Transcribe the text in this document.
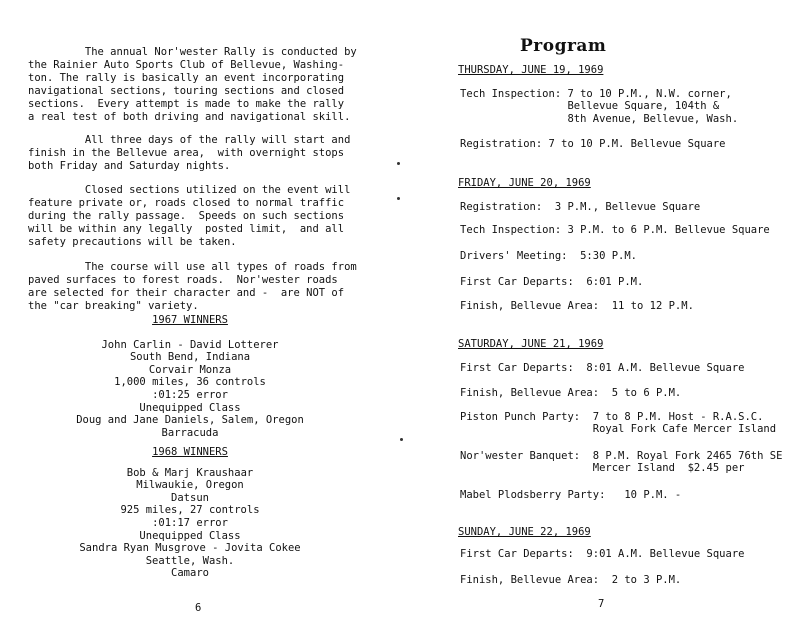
The annual Nor'wester Rally is conducted by
the Rainier Auto Sports Club of Bellevue, Washing-
ton. The rally is basically an event incorporating
navigational sections, touring sections and closed
sections.  Every attempt is made to make the rally
a real test of both driving and navigational skill.

All three days of the rally will start and
finish in the Bellevue area,  with overnight stops
both Friday and Saturday nights.

Closed sections utilized on the event will
feature private or, roads closed to normal traffic
during the rally passage.  Speeds on such sections
will be within any legally  posted limit,  and all
safety precautions will be taken.

The course will use all types of roads from
paved surfaces to forest roads.  Nor'wester roads
are selected for their character and -  are NOT of
the "car breaking" variety.

1967 WINNERS
John Carlin - David Lotterer
South Bend, Indiana
Corvair Monza
1,000 miles, 36 controls
:01:25 error
Unequipped Class
Doug and Jane Daniels, Salem, Oregon
Barracuda
1968 WINNERS
Bob & Marj Kraushaar
Milwaukie, Oregon
Datsun
925 miles, 27 controls
:01:17 error
Unequipped Class
Sandra Ryan Musgrove - Jovita Cokee
Seattle, Wash.
Camaro
6
Program
THURSDAY, JUNE 19, 1969

Tech Inspection: 7 to 10 P.M., N.W. corner,
Bellevue Square, 104th &
8th Avenue, Bellevue, Wash.

Registration: 7 to 10 P.M. Bellevue Square

FRIDAY, JUNE 20, 1969

Registration:  3 P.M., Bellevue Square

Tech Inspection: 3 P.M. to 6 P.M. Bellevue Square

Drivers' Meeting:  5:30 P.M.

First Car Departs:  6:01 P.M.

Finish, Bellevue Area:  11 to 12 P.M.

SATURDAY, JUNE 21, 1969

First Car Departs:  8:01 A.M. Bellevue Square

Finish, Bellevue Area:  5 to 6 P.M.

Piston Punch Party:  7 to 8 P.M. Host - R.A.S.C.
Royal Fork Cafe Mercer Island

Nor'wester Banquet:  8 P.M. Royal Fork 2465 76th SE
Mercer Island  $2.45 per

Mabel Plodsberry Party:   10 P.M. -

SUNDAY, JUNE 22, 1969

First Car Departs:  9:01 A.M. Bellevue Square

Finish, Bellevue Area:  2 to 3 P.M.

7
